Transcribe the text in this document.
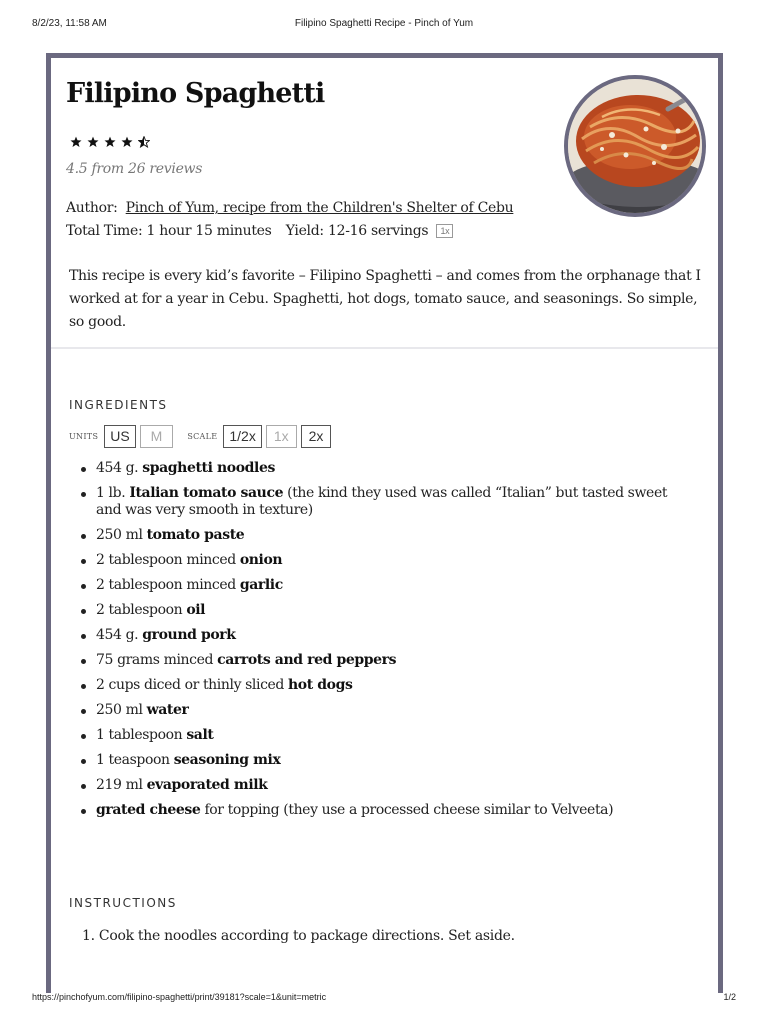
8/2/23, 11:58 AM	Filipino Spaghetti Recipe - Pinch of Yum
Filipino Spaghetti
4.5 from 26 reviews
Author: Pinch of Yum, recipe from the Children's Shelter of Cebu
Total Time: 1 hour 15 minutes Yield: 12-16 servings 1x

This recipe is every kid’s favorite – Filipino Spaghetti – and comes from the orphanage that I worked at for a year in Cebu. Spaghetti, hot dogs, tomato sauce, and seasonings. So simple, so good.

INGREDIENTS
UNITS US	M	SCALE 1/2x	1x	2x
454 g. spaghetti noodles
1 lb. Italian tomato sauce (the kind they used was called “Italian” but tasted sweet and was very smooth in texture)
250 ml tomato paste
2 tablespoon minced onion
2 tablespoon minced garlic
2 tablespoon oil
454 g. ground pork
75 grams minced carrots and red peppers
2 cups diced or thinly sliced hot dogs
250 ml water
1 tablespoon salt
1 teaspoon seasoning mix
219 ml evaporated milk
grated cheese for topping (they use a processed cheese similar to Velveeta)
INSTRUCTIONS
1. Cook the noodles according to package directions. Set aside.
https://pinchofyum.com/filipino-spaghetti/print/39181?scale=1&unit=metric	1/2
